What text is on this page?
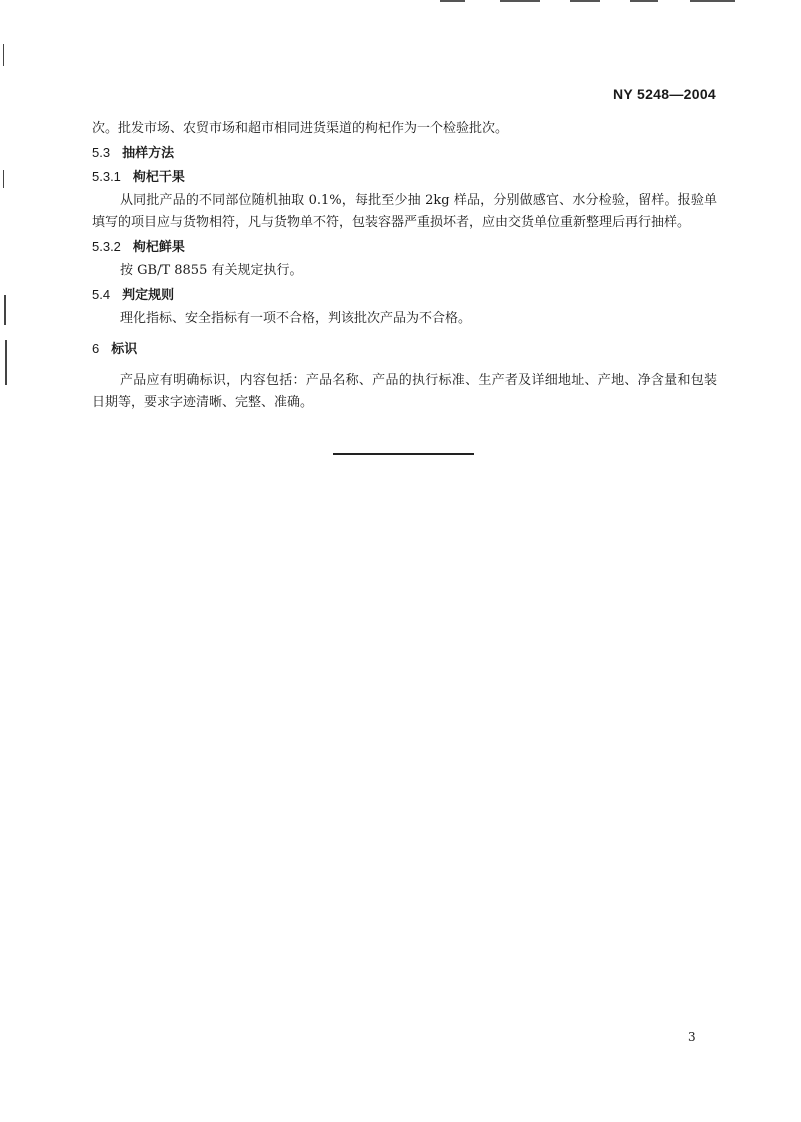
NY 5248—2004

次。批发市场、农贸市场和超市相同进货渠道的枸杞作为一个检验批次。

5.3 抽样方法
5.3.1 枸杞干果

从同批产品的不同部位随机抽取 0.1%，每批至少抽 2kg 样品，分别做感官、水分检验，留样。报验单填写的项目应与货物相符，凡与货物单不符，包装容器严重损坏者，应由交货单位重新整理后再行抽样。

5.3.2 枸杞鲜果

按 GB/T 8855 有关规定执行。

5.4 判定规则

理化指标、安全指标有一项不合格，判该批次产品为不合格。

6 标识

产品应有明确标识，内容包括：产品名称、产品的执行标准、生产者及详细地址、产地、净含量和包装日期等，要求字迹清晰、完整、准确。

3
